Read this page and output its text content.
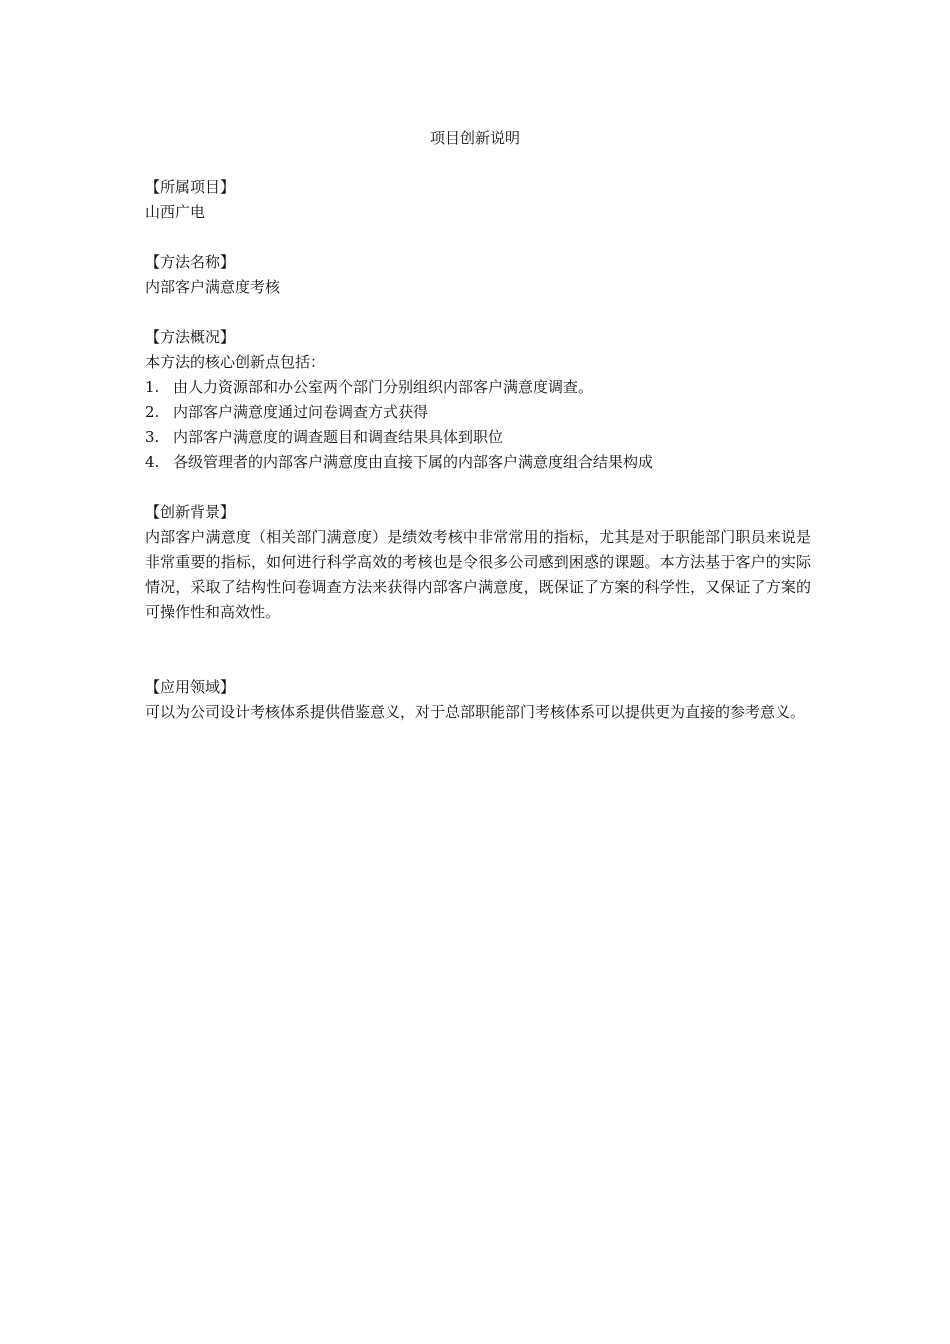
项目创新说明
【所属项目】
山西广电
【方法名称】
内部客户满意度考核
【方法概况】
本方法的核心创新点包括：
1. 由人力资源部和办公室两个部门分别组织内部客户满意度调查。
2. 内部客户满意度通过问卷调查方式获得
3. 内部客户满意度的调查题目和调查结果具体到职位
4. 各级管理者的内部客户满意度由直接下属的内部客户满意度组合结果构成
【创新背景】
内部客户满意度（相关部门满意度）是绩效考核中非常常用的指标，尤其是对于职能部门职员来说是非常重要的指标，如何进行科学高效的考核也是令很多公司感到困惑的课题。本方法基于客户的实际情况，采取了结构性问卷调查方法来获得内部客户满意度，既保证了方案的科学性，又保证了方案的可操作性和高效性。
【应用领域】
可以为公司设计考核体系提供借鉴意义，对于总部职能部门考核体系可以提供更为直接的参考意义。
